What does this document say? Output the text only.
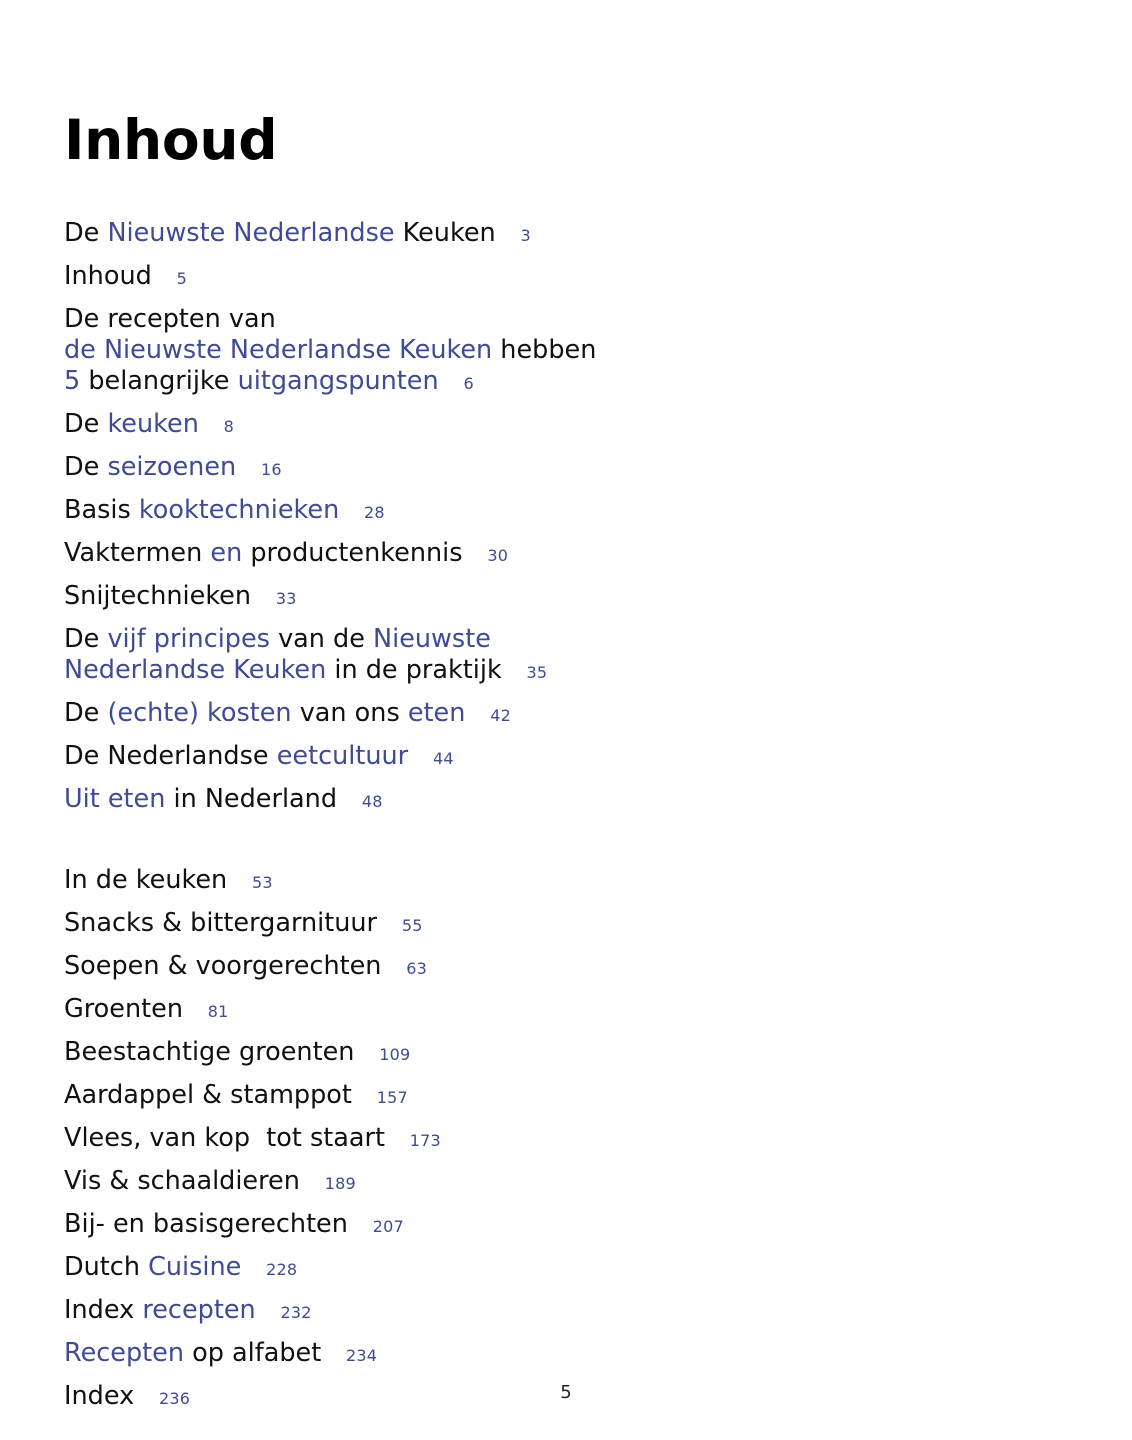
Inhoud
De Nieuwste Nederlandse Keuken 3
Inhoud 5
De recepten van
de Nieuwste Nederlandse Keuken hebben
5 belangrijke uitgangspunten 6
De keuken 8
De seizoenen 16
Basis kooktechnieken 28
Vaktermen en productenkennis 30
Snijtechnieken 33
De vijf principes van de Nieuwste
Nederlandse Keuken in de praktijk 35
De (echte) kosten van ons eten 42
De Nederlandse eetcultuur 44
Uit eten in Nederland 48
In de keuken 53
Snacks & bittergarnituur 55
Soepen & voorgerechten 63
Groenten 81
Beestachtige groenten 109
Aardappel & stamppot 157
Vlees, van kop  tot staart 173
Vis & schaaldieren 189
Bij- en basisgerechten 207
Dutch Cuisine 228
Index recepten 232
Recepten op alfabet 234
Index 236	5
